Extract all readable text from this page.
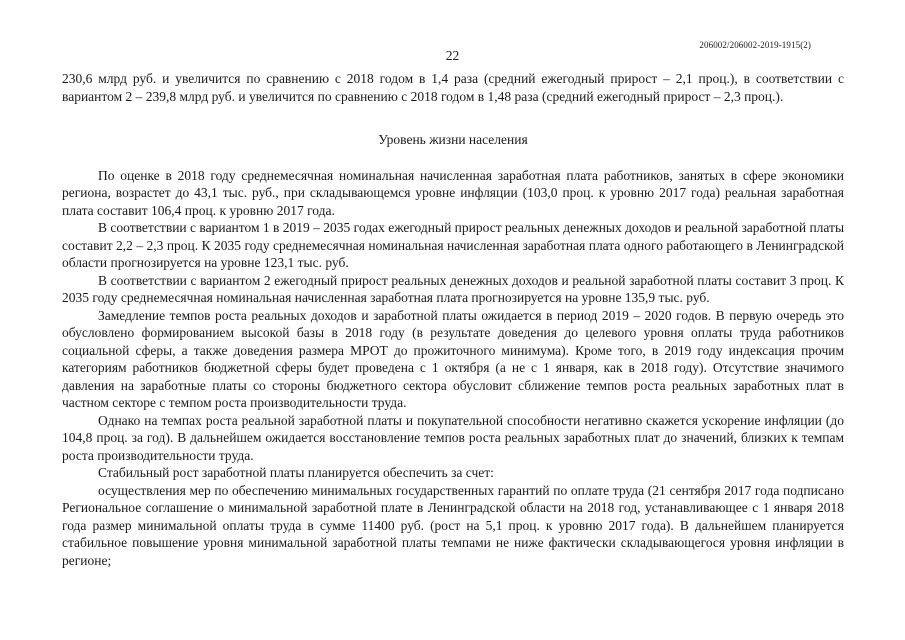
206002/206002-2019-1915(2)
22

230,6 млрд руб. и увеличится по сравнению с 2018 годом в 1,4 раза (средний ежегодный прирост – 2,1 проц.), в соответствии с вариантом 2 – 239,8 млрд руб. и увеличится по сравнению с 2018 годом в 1,48 раза (средний ежегодный прирост – 2,3 проц.).

Уровень жизни населения

По оценке в 2018 году среднемесячная номинальная начисленная заработная плата работников, занятых в сфере экономики региона, возрастет до 43,1 тыс. руб., при складывающемся уровне инфляции (103,0 проц. к уровню 2017 года) реальная заработная плата составит 106,4 проц. к уровню 2017 года.

В соответствии с вариантом 1 в 2019 – 2035 годах ежегодный прирост реальных денежных доходов и реальной заработной платы составит 2,2 – 2,3 проц. К 2035 году среднемесячная номинальная начисленная заработная плата одного работающего в Ленинградской области прогнозируется на уровне 123,1 тыс. руб.

В соответствии с вариантом 2 ежегодный прирост реальных денежных доходов и реальной заработной платы составит 3 проц. К 2035 году среднемесячная номинальная начисленная заработная плата прогнозируется на уровне 135,9 тыс. руб.

Замедление темпов роста реальных доходов и заработной платы ожидается в период 2019 – 2020 годов. В первую очередь это обусловлено формированием высокой базы в 2018 году (в результате доведения до целевого уровня оплаты труда работников социальной сферы, а также доведения размера МРОТ до прожиточного минимума). Кроме того, в 2019 году индексация прочим категориям работников бюджетной сферы будет проведена с 1 октября (а не с 1 января, как в 2018 году). Отсутствие значимого давления на заработные платы со стороны бюджетного сектора обусловит сближение темпов роста реальных заработных плат в частном секторе с темпом роста производительности труда.

Однако на темпах роста реальной заработной платы и покупательной способности негативно скажется ускорение инфляции (до 104,8 проц. за год). В дальнейшем ожидается восстановление темпов роста реальных заработных плат до значений, близких к темпам роста производительности труда.

Стабильный рост заработной платы планируется обеспечить за счет:

осуществления мер по обеспечению минимальных государственных гарантий по оплате труда (21 сентября 2017 года подписано Региональное соглашение о минимальной заработной плате в Ленинградской области на 2018 год, устанавливающее с 1 января 2018 года размер минимальной оплаты труда в сумме 11400 руб. (рост на 5,1 проц. к уровню 2017 года). В дальнейшем планируется стабильное повышение уровня минимальной заработной платы темпами не ниже фактически складывающегося уровня инфляции в регионе;
